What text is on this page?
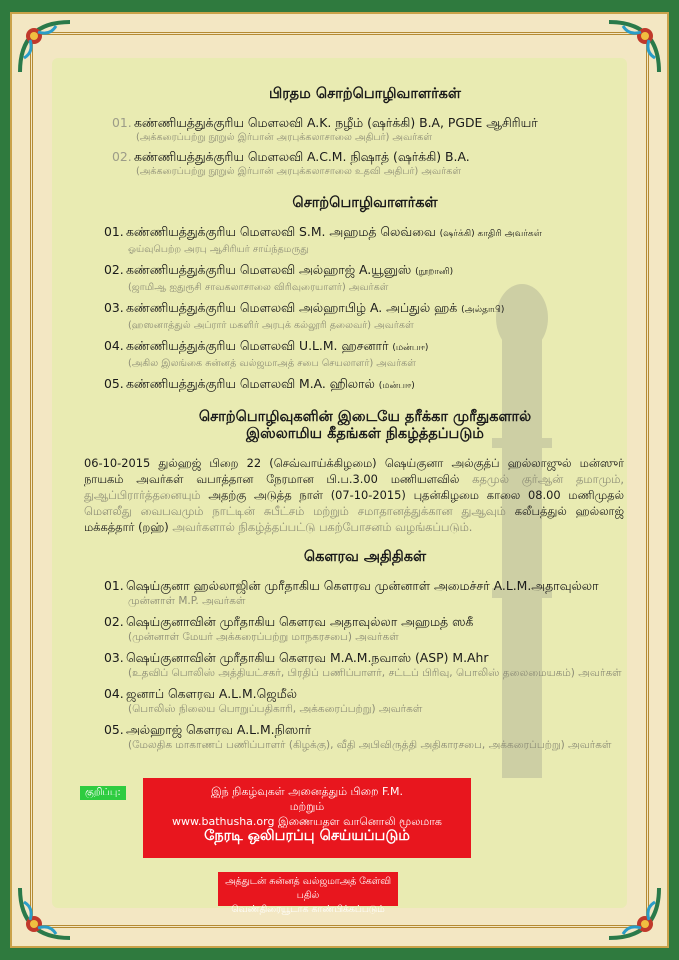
பிரதம சொற்பொழிவாளர்கள்

01. கண்ணியத்துக்குரிய மௌலவி A.K. நழீம் (ஷர்க்கி) B.A, PGDE ஆசிரியர்
(அக்கரைப்பற்று நூறுல் இர்பான் அரபுக்கலாசாலை அதிபர்) அவர்கள்
02. கண்ணியத்துக்குரிய மௌலவி A.C.M. நிஷாத் (ஷர்க்கி) B.A.
(அக்கரைப்பற்று நூறுல் இர்பான் அரபுக்கலாசாலை உதவி அதிபர்) அவர்கள்

சொற்பொழிவாளர்கள்

01. கண்ணியத்துக்குரிய மௌலவி S.M. அஹமத் லெவ்வை (ஷர்க்கி) காதிரி அவர்கள்
ஓய்வுபெற்ற அரபு ஆசிரியர் சாய்ந்தமருது
02. கண்ணியத்துக்குரிய மௌலவி அல்ஹாஜ் A.யூனுஸ் (நூறானி)
(ஜாமிஆ ஐதுரூசி சாவகலாசாலை விரிவுரையாளர்) அவர்கள்
03. கண்ணியத்துக்குரிய மௌலவி அல்ஹாபிழ் A. அப்துல் ஹக் (அல்தாபி)
(ஹஸனாத்துல் அப்ரார் மகளிர் அரபுக் கல்லூரி தலைவர்) அவர்கள்
04. கண்ணியத்துக்குரிய மௌலவி U.L.M. ஹசனார் (மன்பஈ)
(அகில இலங்கை சுன்னத் வல்ஜமாஅத் சபை செயலாளர்) அவர்கள்
05. கண்ணியத்துக்குரிய மௌலவி M.A. ஹிலால் (மன்பஈ)

சொற்பொழிவுகளின் இடையே தரீக்கா முரீதுகளால்
இஸ்லாமிய கீதங்கள் நிகழ்த்தப்படும்

06-10-2015 துல்ஹஜ் பிறை 22 (செவ்வாய்க்கிழமை) ஷெய்குனா அல்குத்ப் ஹல்லாஜுல் மன்ஸுர் நாயகம் அவர்கள் வபாத்தான நேரமான பி.ப.3.00 மணியளவில் கதமுல் குர்ஆன் தமாமும், துஆப்பிரார்த்தனையும் அதற்கு அடுத்த நாள் (07-10-2015) புதன்கிழமை காலை 08.00 மணிமுதல் மௌலீது வைபவமும் நாட்டின் சுபீட்சம் மற்றும் சமாதானத்துக்கான துஆவும் கலீபத்துல் ஹல்லாஜ் மக்கத்தார் (றஹ்) அவர்களால் நிகழ்த்தப்பட்டு பகற்போசனம் வழங்கப்படும்.

கௌரவ அதிதிகள்

01. ஷெய்குனா ஹல்லாஜின் முரீதாகிய கௌரவ முன்னாள் அமைச்சர் A.L.M.அதாவுல்லா
முன்னாள் M.P. அவர்கள்
02. ஷெய்குனாவின் முரீதாகிய கௌரவ அதாவுல்லா அஹமத் ஸகீ
(முன்னாள் மேயர் அக்கரைப்பற்று மாநகரசபை) அவர்கள்
03. ஷெய்குனாவின் முரீதாகிய கௌரவ M.A.M.நவாஸ் (ASP) M.Ahr
(உதவிப் பொலிஸ் அத்தியட்சகர், பிரதிப் பணிப்பாளர், சட்டப் பிரிவு, பொலிஸ் தலைமையகம்) அவர்கள்
04. ஜனாப் கௌரவ A.L.M.ஜெமீல்
(பொலிஸ் நிலைய பொறுப்பதிகாரி, அக்கரைப்பற்று) அவர்கள்
05. அல்ஹாஜ் கௌரவ A.L.M.நிஸார்
(மேலதிக மாகாணப் பணிப்பாளர் (கிழக்கு), வீதி அபிவிருத்தி அதிகாரசபை, அக்கரைப்பற்று) அவர்கள்
குறிப்பு:	இந் நிகழ்வுகள் அனைத்தும் பிறை F.M.
மற்றும்
www.bathusha.org இணையதள வானொலி மூலமாக
நேரடி ஒலிபரப்பு செய்யப்படும்
அத்துடன் சுன்னத் வல்ஜமாஅத் கேள்வி பதில்
வெண்திரையூடாக காண்பிக்கப்படும்
